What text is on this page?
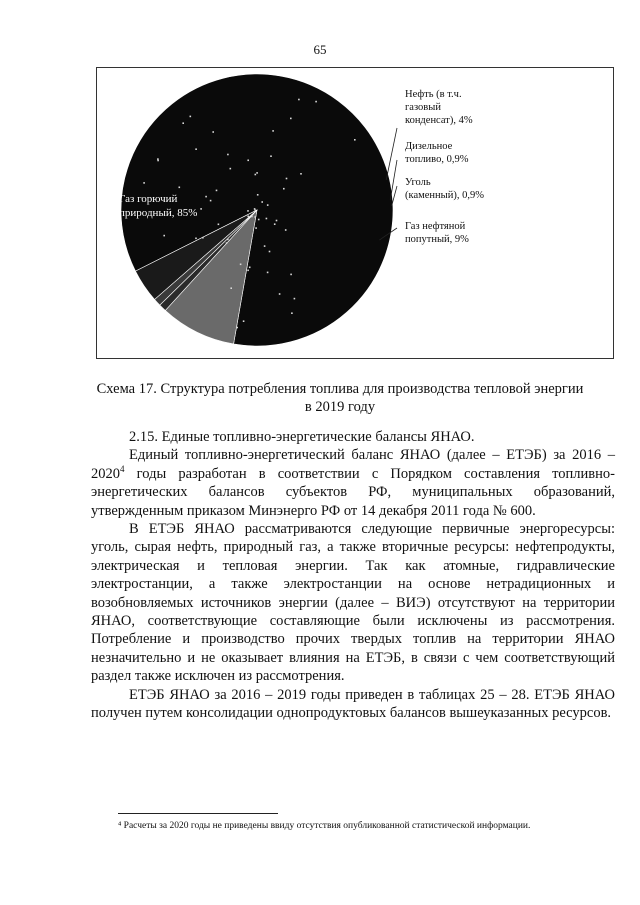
65
Газ горючий
природный, 85%
Нефть (в т.ч.
газовый
конденсат), 4%
Дизельное
топливо, 0,9%
Уголь
(каменный), 0,9%
Газ нефтяной
попутный, 9%
Схема 17. Структура потребления топлива для производства тепловой энергии
в 2019 году

2.15. Единые топливно-энергетические балансы ЯНАО.

Единый топливно-энергетический баланс ЯНАО (далее – ЕТЭБ) за 2016 – 2020$^4$ годы разработан в соответствии с Порядком составления топливно-энергетических балансов субъектов РФ, муниципальных образований, утвержденным приказом Минэнерго РФ от 14 декабря 2011 года № 600.

В ЕТЭБ ЯНАО рассматриваются следующие первичные энергоресурсы: уголь, сырая нефть, природный газ, а также вторичные ресурсы: нефтепродукты, электрическая и тепловая энергии. Так как атомные, гидравлические электростанции, а также электростанции на основе нетрадиционных и возобновляемых источников энергии (далее – ВИЭ) отсутствуют на территории ЯНАО, соответствующие составляющие были исключены из рассмотрения. Потребление и производство прочих твердых топлив на территории ЯНАО незначительно и не оказывает влияния на ЕТЭБ, в связи с чем соответствующий раздел также исключен из рассмотрения.

ЕТЭБ ЯНАО за 2016 – 2019 годы приведен в таблицах 25 – 28. ЕТЭБ ЯНАО получен путем консолидации однопродуктовых балансов вышеуказанных ресурсов.

⁴ Расчеты за 2020 годы не приведены ввиду отсутствия опубликованной статистической информации.
